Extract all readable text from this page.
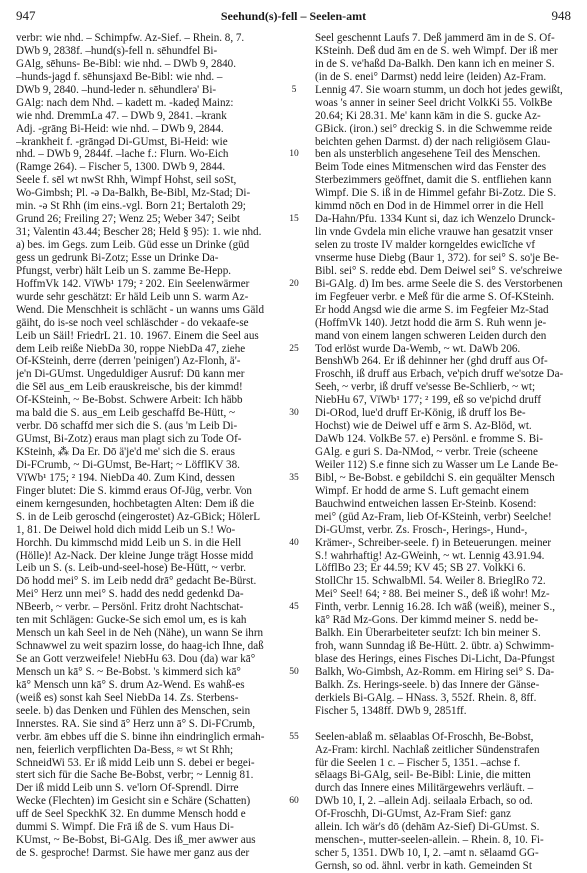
947	Seehund(s)-fell – Seelen-amt	948
verbr: wie nhd. – Schimpfw. Az-Sief. – Rhein. 8, 7.
DWb 9, 2838f. –hund(s)-fell n. sēhundfel Bi-
GAlg, sēhuns- Be-Bibl: wie nhd. – DWb 9, 2840.
–hunds-jagd f. sēhunsjaxd Be-Bibl: wie nhd. –
DWb 9, 2840. –hund-leder n. sēhundlerǝ' Bi-
GAlg: nach dem Nhd. – kadett m. -kadeḍ Mainz:
wie nhd. DremmLa 47. – DWb 9, 2841. –krank
Adj. -grāng Bi-Heid: wie nhd. – DWb 9, 2844.
–krankheit f. -grāngǝd Di-GUmst, Bi-Heid: wie
nhd. – DWb 9, 2844f. –lache f.: Flurn. Wo-Eich
(Ramge 264). – Fischer 5, 1300. DWb 9, 2844.
Seele f. sēl wt nwSt Rhh, Wimpf Hohst, seil soSt,
Wo-Gimbsh; Pl. -ǝ Da-Balkh, Be-Bibl, Mz-Stad; Di-
min. -ǝ St Rhh (im eins.-vgl. Born 21; Bertaloth 29;
Grund 26; Freiling 27; Wenz 25; Weber 347; Seibt
31; Valentin 43.44; Bescher 28; Held § 95): 1. wie nhd.
a) bes. im Gegs. zum Leib. Güd esse un Drinke (güd
gess un gedrunk Bi-Zotz; Esse un Drinke Da-
Pfungst, verbr) hält Leib un S. zamme Be-Hepp.
HoffmVk 142. VïWb¹ 179; ² 202. Ein Seelenwärmer
wurde sehr geschätzt: Er häld Leib unn S. warm Az-
Wend. Die Menschheit is schlächt - un wanns ums Gäld
gäiht, do is-se noch veel schläschder - do vekaafe-se
Leib un Säil! FriedrL 21. 10. 1967. Einem die Seel aus
dem Leib reiße NiebDa 30, roppe NiebDa 47, ziehe
Of-KSteinh, derre (derren 'peinigen') Az-Flonh, ä'-
je'n Di-GUmst. Ungeduldiger Ausruf: Dū kann mer
die Sēl aus_em Leib erauskreische, bis der kimmd!
Of-KSteinh, ~ Be-Bobst. Schwere Arbeit: Ich häbb
ma bald die S. aus_em Leib geschaffd Be-Hütt, ~
verbr. Dō schaffd mer sich die S. (aus 'm Leib Di-
GUmst, Bi-Zotz) eraus man plagt sich zu Tode Of-
KSteinh, ⁂ Da Er. Dō ä'je'd me' sich die S. eraus
Di-FCrumb, ~ Di-GUmst, Be-Hart; ~ LöfflKV 38.
VïWb¹ 175; ² 194. NiebDa 40. Zum Kind, dessen
Finger blutet: Die S. kimmd eraus Of-Jüg, verbr. Von
einem kerngesunden, hochbetagten Alten: Dem iß die
S. in de Leib geroschd (eingerostet) Az-GBick; HölerL
1, 81. De Deiwel hold dich midd Leib un S.! Wo-
Horchh. Du kimmschd midd Leib un S. in die Hell
(Hölle)! Az-Nack. Der kleine Junge trägt Hosse midd
Leib un S. (s. Leib-und-seel-hose) Be-Hütt, ~ verbr.
Dō hodd mei° S. im Leib nedd drā° gedacht Be-Bürst.
Mei° Herz unn mei° S. hadd des nedd gedenkd Da-
NBeerb, ~ verbr. – Persönl. Fritz droht Nachtschat-
ten mit Schlägen: Gucke-Se sich emol um, es is kah
Mensch un kah Seel in de Neh (Nähe), un wann Se ihrn
Schnawwel zu weit spazirn losse, do haag-ich Ihne, daß
Se an Gott verzweifele! NiebHu 63. Dou (da) war kā°
Mensch un kā° S. ~ Be-Bobst. 's kimmerd sich kā°
kā° Mensch unn kā° S. drum Az-Wend. Es wahß-es
(weiß es) sonst kah Seel NiebDa 14. Zs. Sterbens-
seele. b) das Denken und Fühlen des Menschen, sein
Innerstes. RA. Sie sind ā° Herz unn ā° S. Di-FCrumb,
verbr. ām ebbes uff die S. binne ihn eindringlich ermah-
nen, feierlich verpflichten Da-Bess, ≈ wt St Rhh;
SchneidWi 53. Er iß midd Leib unn S. debei er begei-
stert sich für die Sache Be-Bobst, verbr; ~ Lennig 81.
Der iß midd Leib unn S. ve'lorn Of-Sprendl. Dirre
Wecke (Flechten) im Gesicht sin e Schäre (Schatten)
uff de Seel SpeckhK 32. En dumme Mensch hodd e
dummi S. Wimpf. Die Frā iß de S. vum Haus Di-
KUmst, ~ Be-Bobst, Bi-GAlg. Des iß_mer awwer aus
de S. gesproche! Darmst. Sie hawe mer ganz aus der
5
10
15
20
25
30
35
40
45
50
55
60
Seel geschennt Laufs 7. Deß jammerd ām in de S. Of-
KSteinh. Deß dud ām en de S. weh Wimpf. Der iß mer
in de S. ve'haßd Da-Balkh. Den kann ich en meiner S.
(in de S. enei° Darmst) nedd leire (leiden) Az-Fram.
Lennig 47. Sie woarn stumm, un doch hot jedes gewißt,
woas 's anner in seiner Seel dricht VolkKi 55. VolkBe
20.64; Ki 28.31. Me' kann kām in die S. gucke Az-
GBick. (iron.) sei° dreckig S. in die Schwemme reide
beichten gehen Darmst. d) der nach religiösem Glau-
ben als unsterblich angesehene Teil des Menschen.
Beim Tode eines Mitmenschen wird das Fenster des
Sterbezimmers geöffnet, damit die S. entfliehen kann
Wimpf. Die S. iß in de Himmel gefahr Bi-Zotz. Die S.
kimmd nōch en Dod in de Himmel orrer in die Hell
Da-Hahn/Pfu. 1334 Kunt si, daz ich Wenzelo Drunck-
lin vnde Gvdela min eliche vrauwe han gesatzit vnser
selen zu troste IV malder korngeldes ewiclīche vf
vnserme huse Diebg (Baur 1, 372). for sei° S. so'je Be-
Bibl. sei° S. redde ebd. Dem Deiwel sei° S. ve'schreiwe
Bi-GAlg. d) Im bes. arme Seele die S. des Verstorbenen
im Fegfeuer verbr. e Meß für die arme S. Of-KSteinh.
Er hodd Angsd wie die arme S. im Fegfeier Mz-Stad
(HoffmVk 140). Jetzt hodd die ārm S. Ruh wenn je-
mand von einem langen schweren Leiden durch den
Tod erlöst wurde Da-Wemb, ~ wt. DaWb 206.
BenshWb 264. Er iß dehinner her (ghd druff aus Of-
Froschh, iß druff aus Erbach, ve'pich druff we'sotze Da-
Seeh, ~ verbr, iß druff ve'sesse Be-Schlierb, ~ wt;
NiebHu 67, VïWb¹ 177; ² 199, eß so ve'pichd druff
Di-ORod, lue'd druff Er-König, iß druff los Be-
Hochst) wie de Deiwel uff e ārm S. Az-Blöd, wt.
DaWb 124. VolkBe 57. e) Persönl. e fromme S. Bi-
GAlg. e guri S. Da-NMod, ~ verbr. Treie (scheene
Weiler 112) S.e finne sich zu Wasser um Le Lande Be-
Bibl, ~ Be-Bobst. e gebildchi S. ein gequälter Mensch
Wimpf. Er hodd de arme S. Luft gemacht einem
Bauchwind entweichen lassen Er-Steinb. Kosend:
mei° (güd Az-Fram, lieb Of-KSteinh, verbr) Seelche!
Di-GUmst, verbr. Zs. Frosch-, Herings-, Hund-,
Krämer-, Schreiber-seele. f) in Beteuerungen. meiner
S.! wahrhaftig! Az-GWeinh, ~ wt. Lennig 43.91.94.
LöfflBo 23; Er 44.59; KV 45; SB 27. VolkKi 6.
StollChr 15. SchwalbMl. 54. Weiler 8. BrieglRo 72.
Mei° Seel! 64; ² 88. Bei meiner S., deß iß wohr! Mz-
Finth, verbr. Lennig 16.28. Ich wāß (weiß), meiner S.,
kā° Rād Mz-Gons. Der kimmd meiner S. nedd be-
Balkh. Ein Überarbeiteter seufzt: Ich bin meiner S.
froh, wann Sunndag iß Be-Hütt. 2. übtr. a) Schwimm-
blase des Herings, eines Fisches Di-Licht, Da-Pfungst
Balkh, Wo-Gimbsh, Az-Romm. em Hiring sei° S. Da-
Balkh. Zs. Herings-seele. b) das Innere der Gänse-
derkiels Bi-GAlg. – HNass. 3, 552f. Rhein. 8, 8ff.
Fischer 5, 1348ff. DWb 9, 2851ff.
Seelen-ablaß m. sēlaablas Of-Froschh, Be-Bobst,
Az-Fram: kirchl. Nachlaß zeitlicher Sündenstrafen
für die Seelen 1 c. – Fischer 5, 1351. –achse f.
sēlaags Bi-GAlg, seil- Be-Bibl: Linie, die mitten
durch das Innere eines Militärgewehrs verläuft. –
DWb 10, I, 2. –allein Adj. seilaalǝ Erbach, so od.
Of-Froschh, Di-GUmst, Az-Fram Sief: ganz
allein. Ich wär's dō (dehām Az-Sief) Di-GUmst. S.
menschen-, mutter-seelen-allein. – Rhein. 8, 10. Fi-
scher 5, 1351. DWb 10, I, 2. –amt n. sēlaamd GG-
Gernsh, so od. ähnl. verbr in kath. Gemeinden St
